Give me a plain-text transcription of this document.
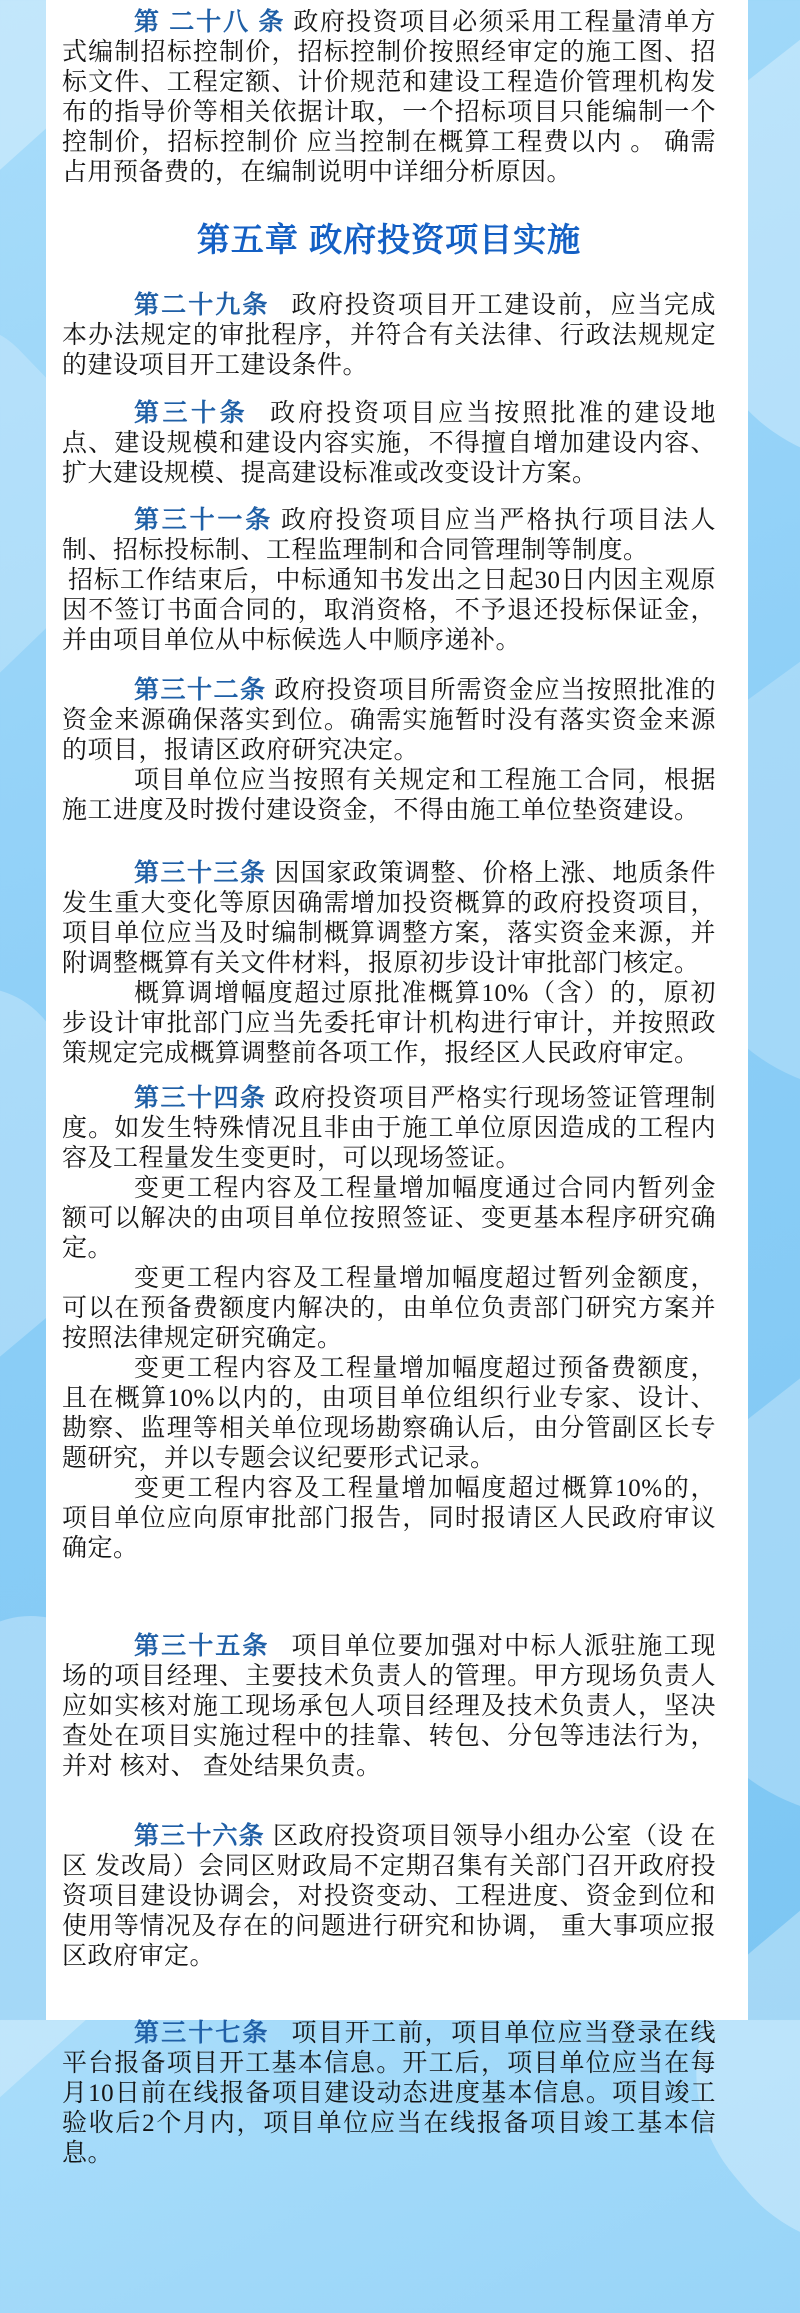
第 二十八 条 政府投资项目必须采用工程量清单方式编制招标控制价，招标控制价按照经审定的施工图、招标文件、工程定额、计价规范和建设工程造价管理机构发布的指导价等相关依据计取，一个招标项目只能编制一个控制价，招标控制价 应当控制在概算工程费以内 。 确需占用预备费的，在编制说明中详细分析原因。

第五章 政府投资项目实施

第二十九条 政府投资项目开工建设前，应当完成本办法规定的审批程序，并符合有关法律、行政法规规定的建设项目开工建设条件。

第三十条 政府投资项目应当按照批准的建设地点、建设规模和建设内容实施，不得擅自增加建设内容、扩大建设规模、提高建设标准或改变设计方案。

第三十一条 政府投资项目应当严格执行项目法人制、招标投标制、工程监理制和合同管理制等制度。

招标工作结束后，中标通知书发出之日起30日内因主观原因不签订书面合同的，取消资格，不予退还投标保证金，并由项目单位从中标候选人中顺序递补。

第三十二条 政府投资项目所需资金应当按照批准的资金来源确保落实到位。确需实施暂时没有落实资金来源的项目，报请区政府研究决定。

项目单位应当按照有关规定和工程施工合同，根据施工进度及时拨付建设资金，不得由施工单位垫资建设。

第三十三条 因国家政策调整、价格上涨、地质条件发生重大变化等原因确需增加投资概算的政府投资项目，项目单位应当及时编制概算调整方案，落实资金来源，并附调整概算有关文件材料，报原初步设计审批部门核定。

概算调增幅度超过原批准概算10%（含）的，原初步设计审批部门应当先委托审计机构进行审计，并按照政策规定完成概算调整前各项工作，报经区人民政府审定。

第三十四条 政府投资项目严格实行现场签证管理制度。如发生特殊情况且非由于施工单位原因造成的工程内容及工程量发生变更时，可以现场签证。

变更工程内容及工程量增加幅度通过合同内暂列金额可以解决的由项目单位按照签证、变更基本程序研究确定。

变更工程内容及工程量增加幅度超过暂列金额度，可以在预备费额度内解决的，由单位负责部门研究方案并按照法律规定研究确定。

变更工程内容及工程量增加幅度超过预备费额度，且在概算10%以内的，由项目单位组织行业专家、设计、勘察、监理等相关单位现场勘察确认后，由分管副区长专题研究，并以专题会议纪要形式记录。

变更工程内容及工程量增加幅度超过概算10%的，项目单位应向原审批部门报告，同时报请区人民政府审议确定。

第三十五条 项目单位要加强对中标人派驻施工现场的项目经理、主要技术负责人的管理。甲方现场负责人应如实核对施工现场承包人项目经理及技术负责人，坚决查处在项目实施过程中的挂靠、转包、分包等违法行为，并对 核对、 查处结果负责。

第三十六条 区政府投资项目领导小组办公室（设 在区 发改局）会同区财政局不定期召集有关部门召开政府投资项目建设协调会，对投资变动、工程进度、资金到位和使用等情况及存在的问题进行研究和协调， 重大事项应报区政府审定。

第三十七条 项目开工前，项目单位应当登录在线平台报备项目开工基本信息。开工后，项目单位应当在每月10日前在线报备项目建设动态进度基本信息。项目竣工验收后2个月内，项目单位应当在线报备项目竣工基本信息。
